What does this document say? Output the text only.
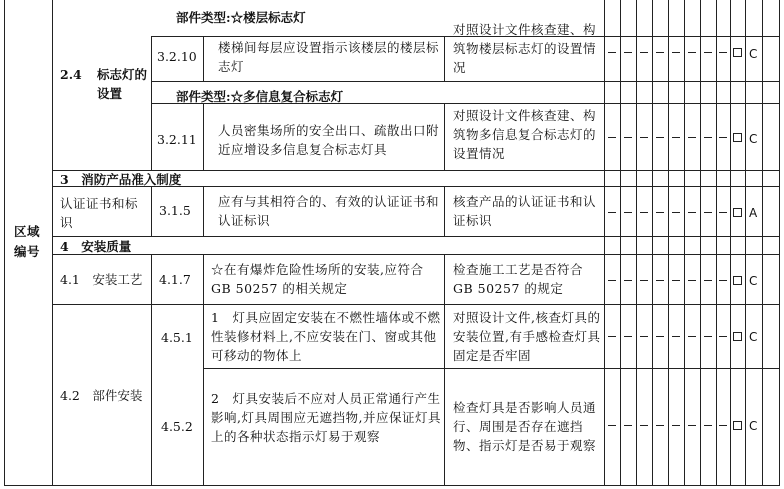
区域编号
2.4 标志灯的
设置
部件类型:☆楼层标志灯
3.2.10
楼梯间每层应设置指示该楼层的楼层标志灯
对照设计文件核查建、构筑物楼层标志灯的设置情况
部件类型:☆多信息复合标志灯
3.2.11
人员密集场所的安全出口、疏散出口附近应增设多信息复合标志灯具
对照设计文件核查建、构筑物多信息复合标志灯的设置情况
3　消防产品准入制度
认证证书和标识
3.1.5
应有与其相符合的、有效的认证证书和认证标识
核查产品的认证证书和认证标识
4　安装质量
4.1　安装工艺 4.1.7
☆在有爆炸危险性场所的安装,应符合 GB 50257 的相关规定
检查施工工艺是否符合 GB 50257 的规定
4.2　部件安装
4.5.1
1　灯具应固定安装在不燃性墙体或不燃性装修材料上,不应安装在门、窗或其他可移动的物体上
对照设计文件,核查灯具的安装位置,有手感检查灯具固定是否牢固
4.5.2
2　灯具安装后不应对人员正常通行产生影响,灯具周围应无遮挡物,并应保证灯具上的各种状态指示灯易于观察
检查灯具是否影响人员通行、周围是否存在遮挡物、指示灯是否易于观察
C
C
A
C
C
C
